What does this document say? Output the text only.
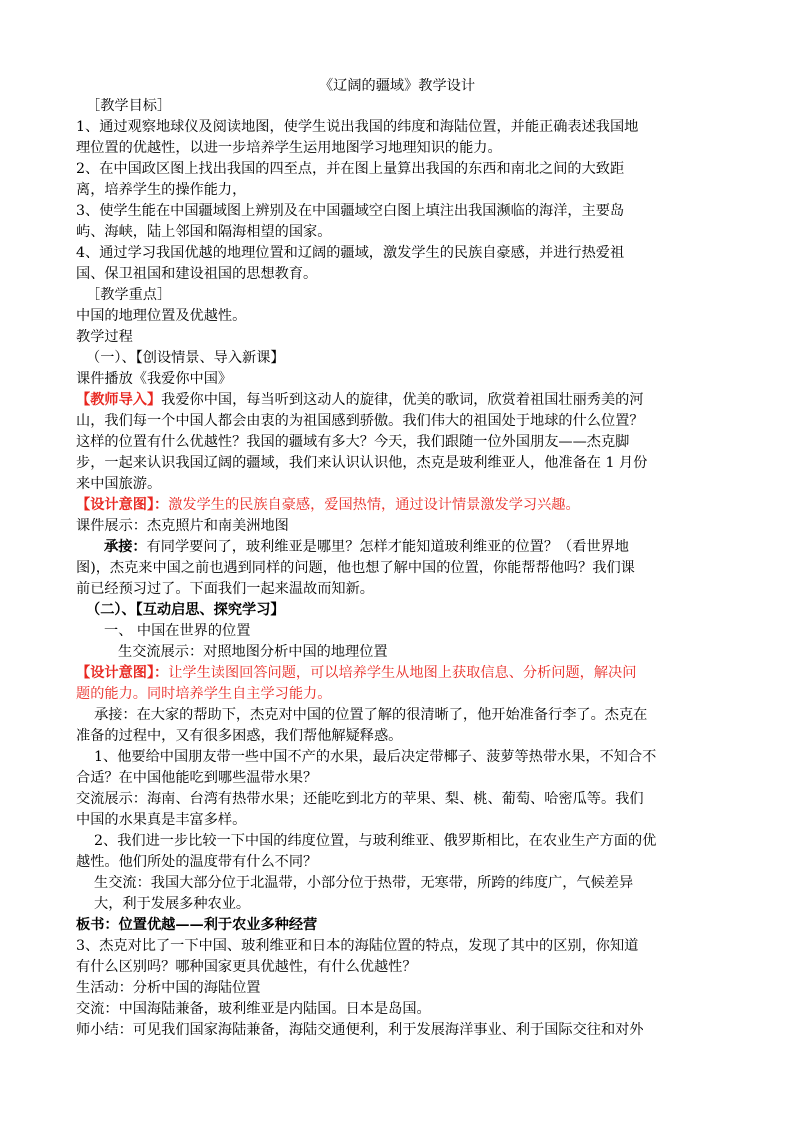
《辽阔的疆域》教学设计
［教学目标］
1、通过观察地球仪及阅读地图，使学生说出我国的纬度和海陆位置，并能正确表述我国地
理位置的优越性，以进一步培养学生运用地图学习地理知识的能力。
2、在中国政区图上找出我国的四至点，并在图上量算出我国的东西和南北之间的大致距
离，培养学生的操作能力，
3、使学生能在中国疆域图上辨别及在中国疆域空白图上填注出我国濒临的海洋，主要岛
屿、海峡，陆上邻国和隔海相望的国家。
4、通过学习我国优越的地理位置和辽阔的疆域，激发学生的民族自豪感，并进行热爱祖
国、保卫祖国和建设祖国的思想教育。
［教学重点］
中国的地理位置及优越性。
教学过程
（一）、【创设情景、导入新课】
课件播放《我爱你中国》
【教师导入】我爱你中国，每当听到这动人的旋律，优美的歌词，欣赏着祖国壮丽秀美的河
山，我们每一个中国人都会由衷的为祖国感到骄傲。我们伟大的祖国处于地球的什么位置？
这样的位置有什么优越性？我国的疆域有多大？今天，我们跟随一位外国朋友——杰克脚
步，一起来认识我国辽阔的疆域，我们来认识认识他，杰克是玻利维亚人，他准备在 1 月份
来中国旅游。
【设计意图】：激发学生的民族自豪感，爱国热情，通过设计情景激发学习兴趣。
课件展示：杰克照片和南美洲地图
承接：有同学要问了，玻利维亚是哪里？怎样才能知道玻利维亚的位置？（看世界地
图)，杰克来中国之前也遇到同样的问题，他也想了解中国的位置，你能帮帮他吗？我们课
前已经预习过了。下面我们一起来温故而知新。
（二）、【互动启思、探究学习】
一、 中国在世界的位置
生交流展示：对照地图分析中国的地理位置
【设计意图】：让学生读图回答问题，可以培养学生从地图上获取信息、分析问题，解决问
题的能力。同时培养学生自主学习能力。
承接：在大家的帮助下，杰克对中国的位置了解的很清晰了，他开始准备行李了。杰克在
准备的过程中，又有很多困惑，我们帮他解疑释惑。
1、他要给中国朋友带一些中国不产的水果，最后决定带椰子、菠萝等热带水果，不知合不
合适？在中国他能吃到哪些温带水果？
交流展示：海南、台湾有热带水果；还能吃到北方的苹果、梨、桃、葡萄、哈密瓜等。我们
中国的水果真是丰富多样。
2、我们进一步比较一下中国的纬度位置，与玻利维亚、俄罗斯相比，在农业生产方面的优
越性。他们所处的温度带有什么不同？
生交流：我国大部分位于北温带，小部分位于热带，无寒带，所跨的纬度广，气候差异
大，利于发展多种农业。
板书：位置优越——利于农业多种经营
3、杰克对比了一下中国、玻利维亚和日本的海陆位置的特点，发现了其中的区别，你知道
有什么区别吗？哪种国家更具优越性，有什么优越性？
生活动：分析中国的海陆位置
交流：中国海陆兼备，玻利维亚是内陆国。日本是岛国。
师小结：可见我们国家海陆兼备，海陆交通便利，利于发展海洋事业、利于国际交往和对外
